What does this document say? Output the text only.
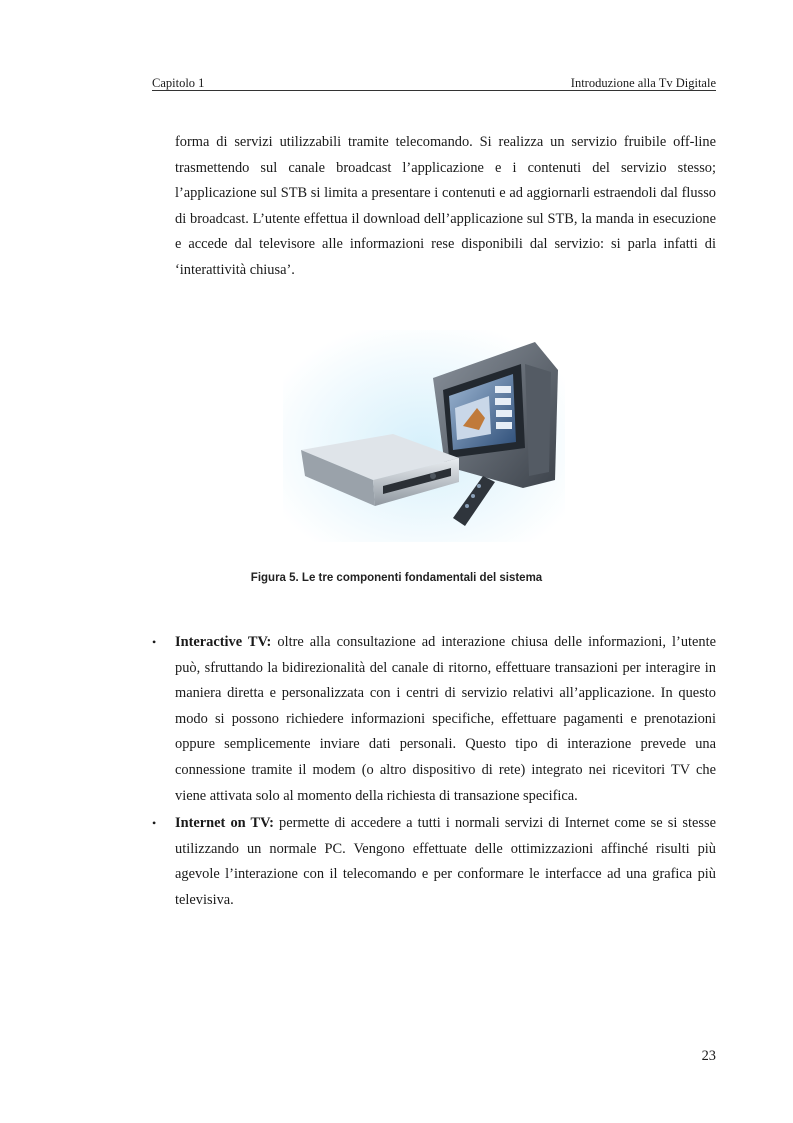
Capitolo 1	Introduzione alla Tv Digitale

forma di servizi utilizzabili tramite telecomando. Si realizza un servizio fruibile off-line trasmettendo sul canale broadcast l’applicazione e i contenuti del servizio stesso; l’applicazione sul STB si limita a presentare i contenuti e ad aggiornarli estraendoli dal flusso di broadcast. L’utente effettua il download dell’applicazione sul STB, la manda in esecuzione e accede dal televisore alle informazioni rese disponibili dal servizio: si parla infatti di ‘interattività chiusa’.

Figura 5. Le tre componenti fondamentali del sistema
• Interactive TV: oltre alla consultazione ad interazione chiusa delle informazioni, l’utente può, sfruttando la bidirezionalità del canale di ritorno, effettuare transazioni per interagire in maniera diretta e personalizzata con i centri di servizio relativi all’applicazione. In questo modo si possono richiedere informazioni specifiche, effettuare pagamenti e prenotazioni oppure semplicemente inviare dati personali. Questo tipo di interazione prevede una connessione tramite il modem (o altro dispositivo di rete) integrato nei ricevitori TV che viene attivata solo al momento della richiesta di transazione specifica.
• Internet on TV: permette di accedere a tutti i normali servizi di Internet come se si stesse utilizzando un normale PC. Vengono effettuate delle ottimizzazioni affinché risulti più agevole l’interazione con il telecomando e per conformare le interfacce ad una grafica più televisiva.
23
